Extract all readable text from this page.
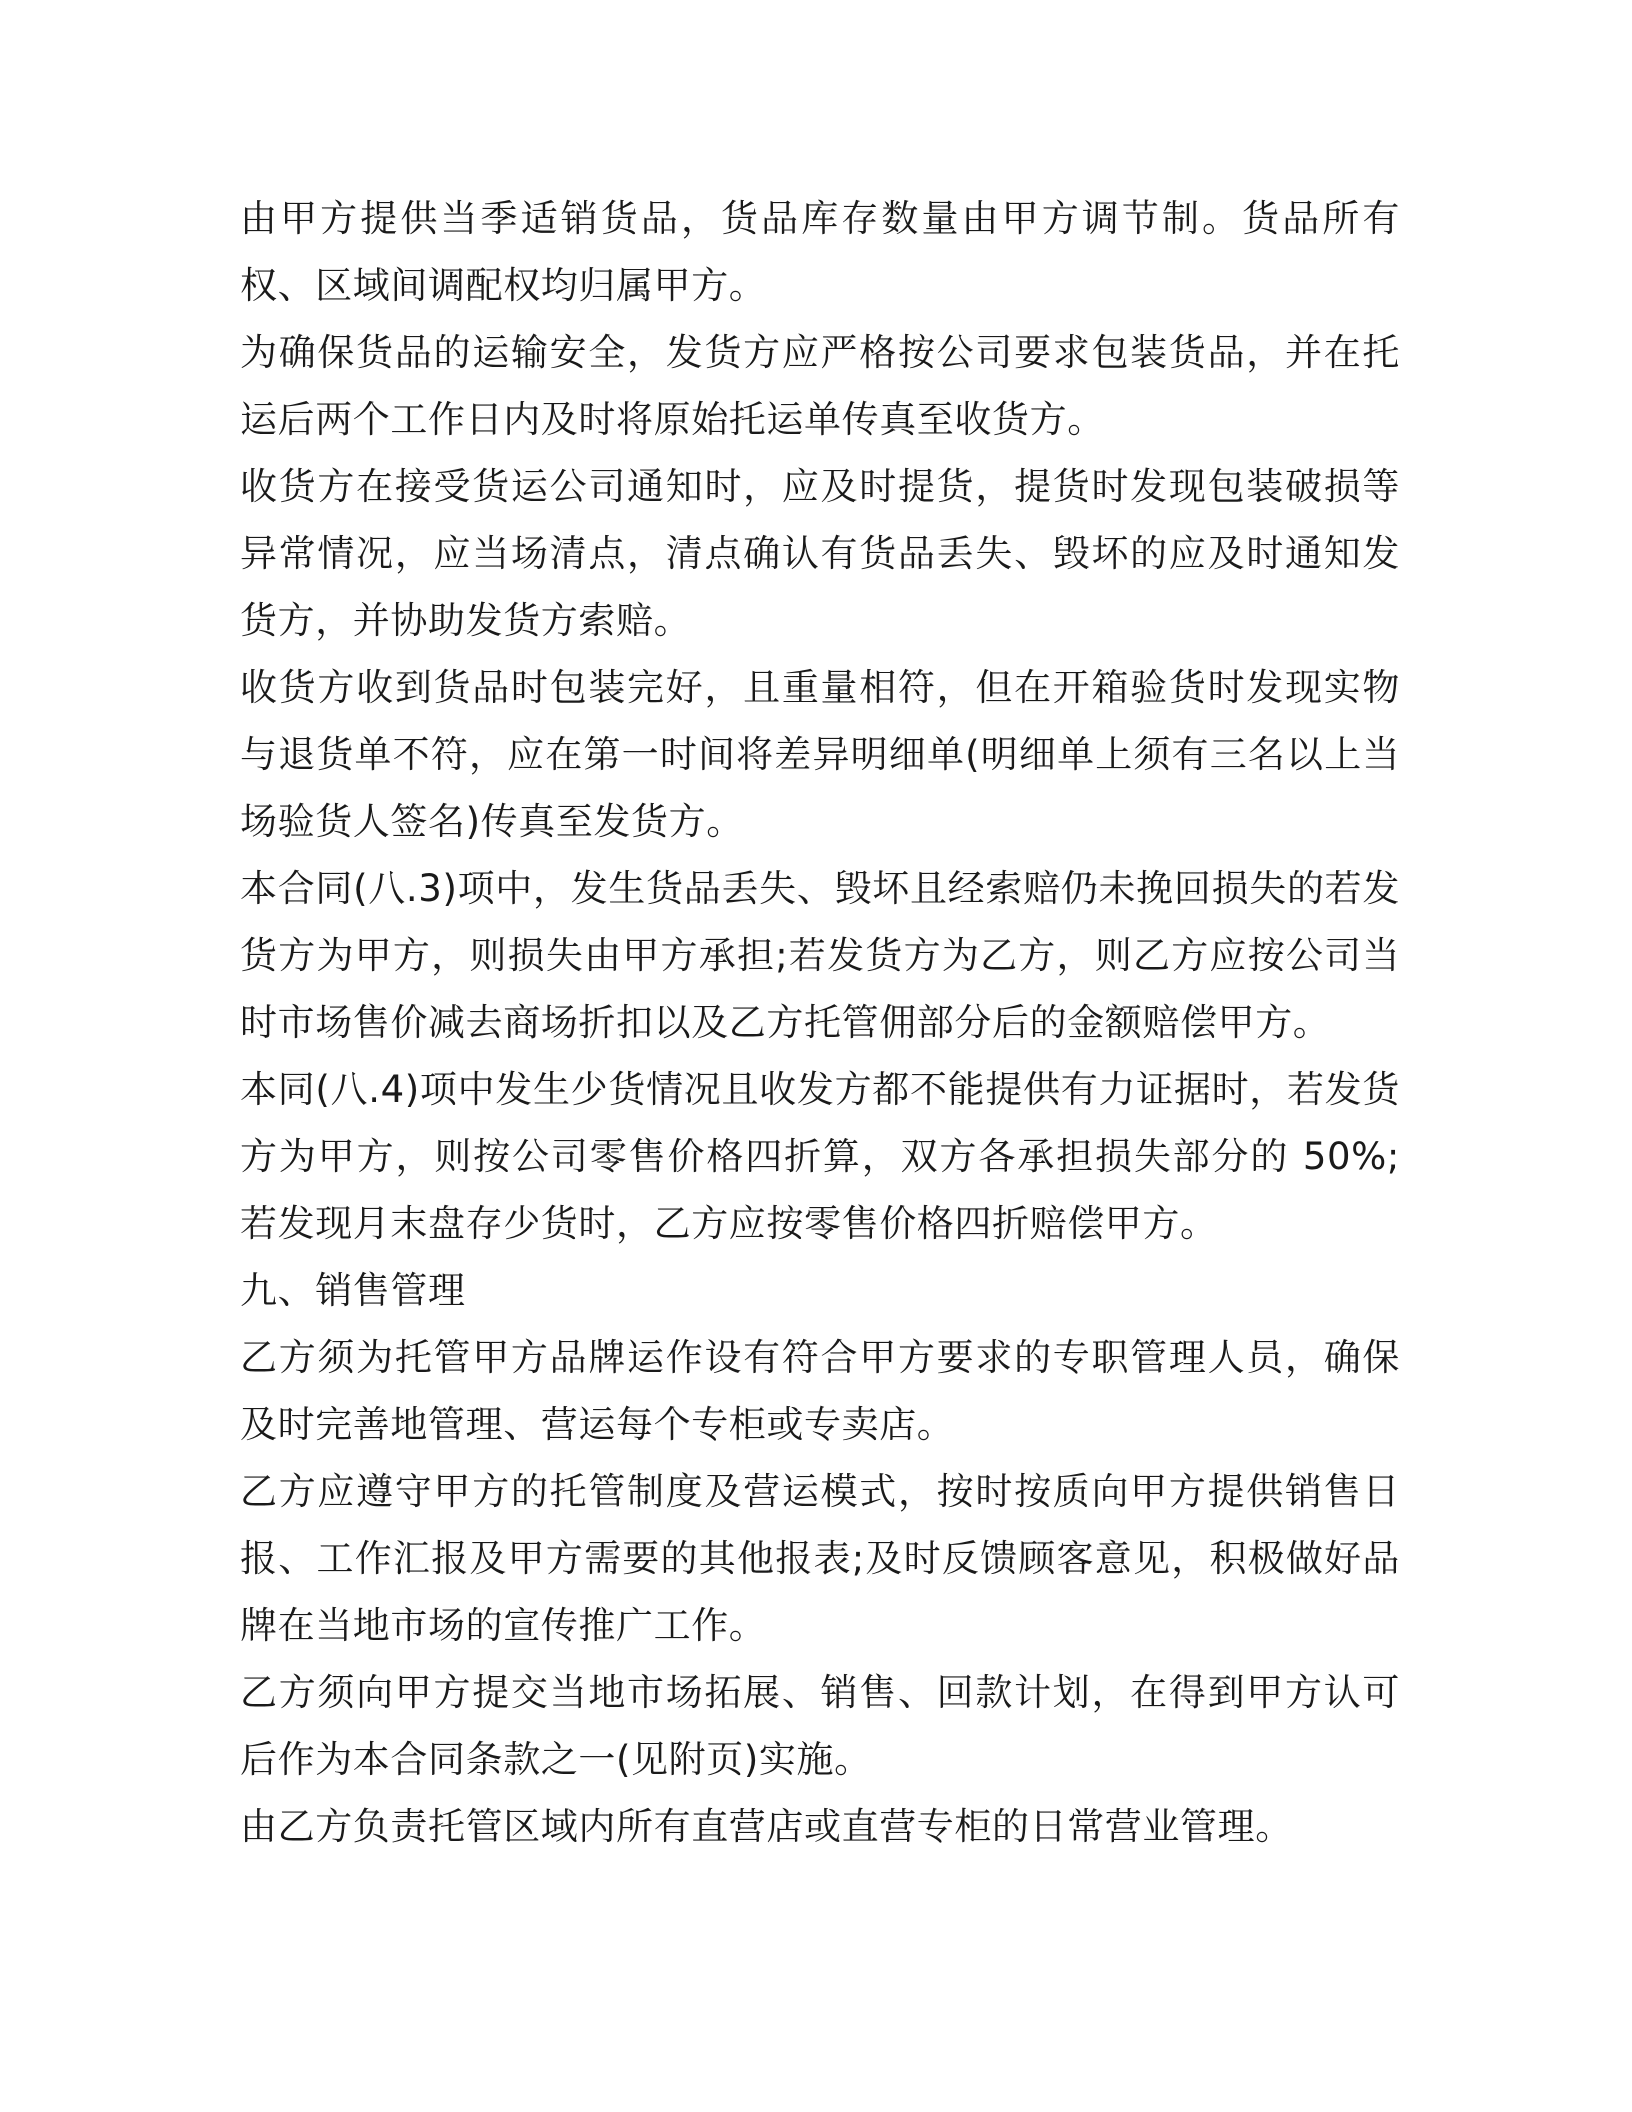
由甲方提供当季适销货品，货品库存数量由甲方调节制。货品所有权、区域间调配权均归属甲方。

为确保货品的运输安全，发货方应严格按公司要求包装货品，并在托运后两个工作日内及时将原始托运单传真至收货方。

收货方在接受货运公司通知时，应及时提货，提货时发现包装破损等异常情况，应当场清点，清点确认有货品丢失、毁坏的应及时通知发货方，并协助发货方索赔。

收货方收到货品时包装完好，且重量相符，但在开箱验货时发现实物与退货单不符，应在第一时间将差异明细单(明细单上须有三名以上当场验货人签名)传真至发货方。

本合同(八.3)项中，发生货品丢失、毁坏且经索赔仍未挽回损失的若发货方为甲方，则损失由甲方承担;若发货方为乙方，则乙方应按公司当时市场售价减去商场折扣以及乙方托管佣部分后的金额赔偿甲方。

本同(八.4)项中发生少货情况且收发方都不能提供有力证据时，若发货方为甲方，则按公司零售价格四折算，双方各承担损失部分的 50%;若发现月末盘存少货时，乙方应按零售价格四折赔偿甲方。

九、销售管理

乙方须为托管甲方品牌运作设有符合甲方要求的专职管理人员，确保及时完善地管理、营运每个专柜或专卖店。

乙方应遵守甲方的托管制度及营运模式，按时按质向甲方提供销售日报、工作汇报及甲方需要的其他报表;及时反馈顾客意见，积极做好品牌在当地市场的宣传推广工作。

乙方须向甲方提交当地市场拓展、销售、回款计划，在得到甲方认可后作为本合同条款之一(见附页)实施。

由乙方负责托管区域内所有直营店或直营专柜的日常营业管理。
